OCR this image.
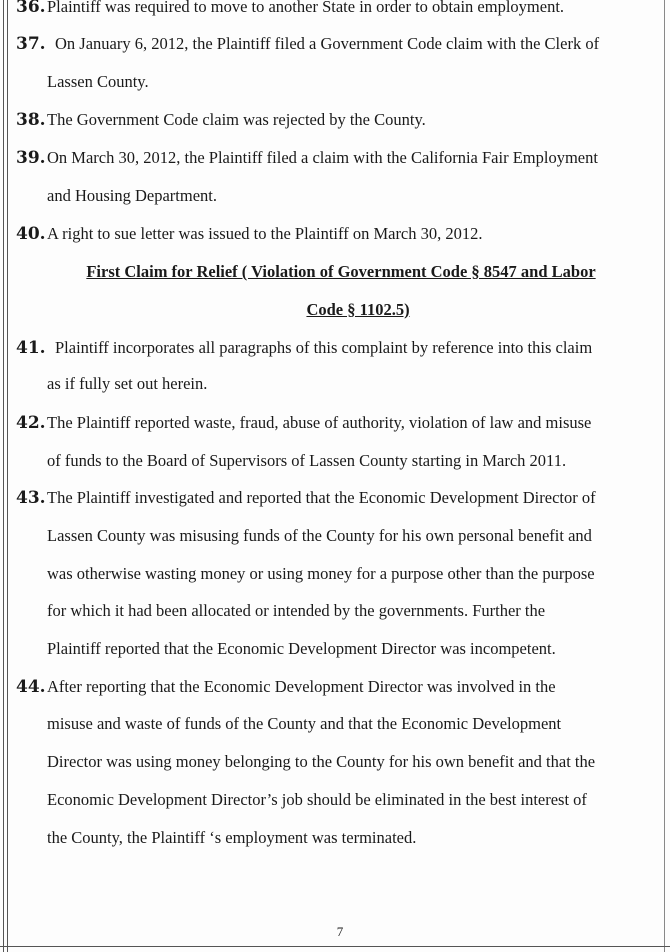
36. Plaintiff was required to move to another State in order to obtain employment.
37. On January 6, 2012, the Plaintiff filed a Government Code claim with the Clerk of
Lassen County.
38. The Government Code claim was rejected by the County.
39. On March 30, 2012, the Plaintiff filed a claim with the California Fair Employment
and Housing Department.
40. A right to sue letter was issued to the Plaintiff on March 30, 2012.
First Claim for Relief ( Violation of Government Code § 8547 and Labor
Code § 1102.5)
41. Plaintiff incorporates all paragraphs of this complaint by reference into this claim
as if fully set out herein.
42. The Plaintiff reported waste, fraud, abuse of authority, violation of law and misuse
of funds to the Board of Supervisors of Lassen County starting in March 2011.
43. The Plaintiff investigated and reported that the Economic Development Director of
Lassen County was misusing funds of the County for his own personal benefit and
was otherwise wasting money or using money for a purpose other than the purpose
for which it had been allocated or intended by the governments. Further the
Plaintiff reported that the Economic Development Director was incompetent.
44. After reporting that the Economic Development Director was involved in the
misuse and waste of funds of the County and that the Economic Development
Director was using money belonging to the County for his own benefit and that the
Economic Development Director’s job should be eliminated in the best interest of
the County, the Plaintiff ‘s employment was terminated.
7
